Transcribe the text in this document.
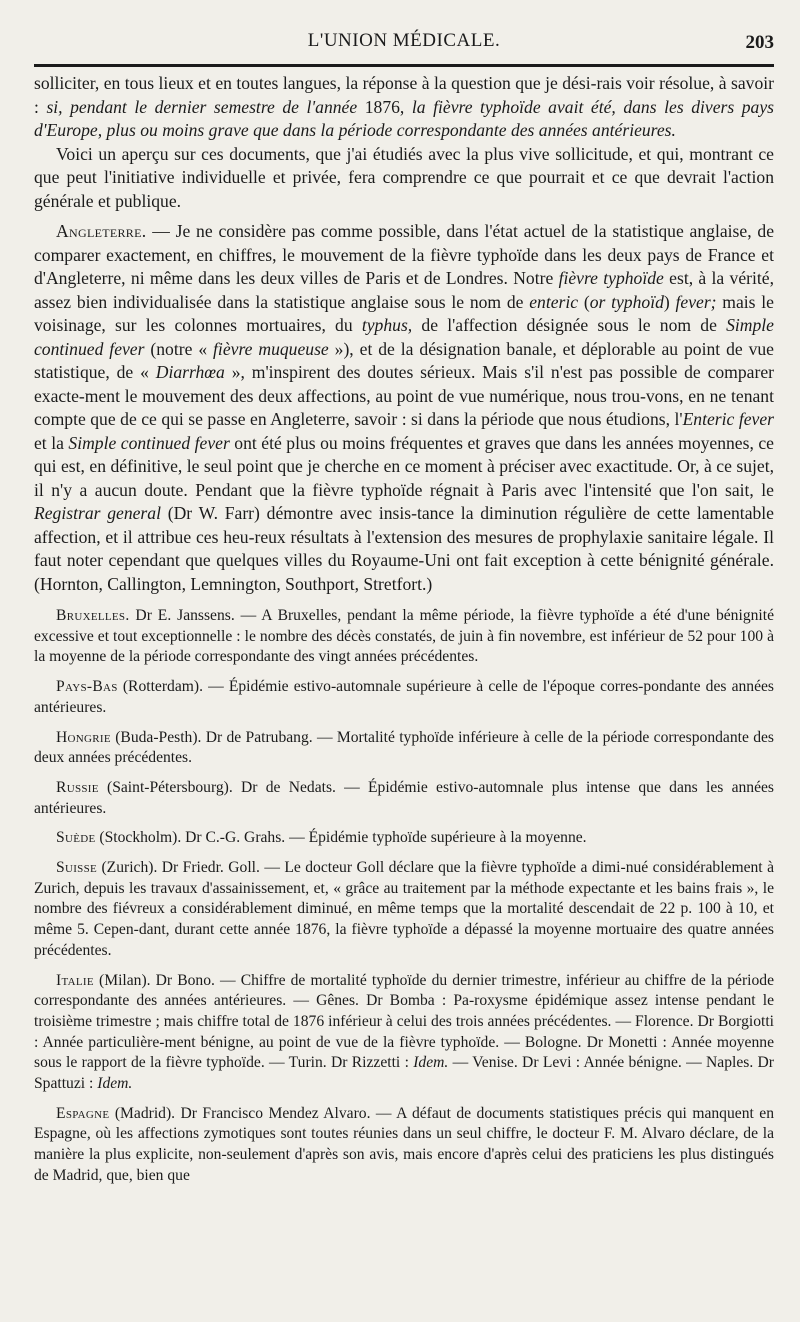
L'UNION MÉDICALE.	203

solliciter, en tous lieux et en toutes langues, la réponse à la question que je dési-rais voir résolue, à savoir : si, pendant le dernier semestre de l'année 1876, la fièvre typhoïde avait été, dans les divers pays d'Europe, plus ou moins grave que dans la période correspondante des années antérieures.

Voici un aperçu sur ces documents, que j'ai étudiés avec la plus vive sollicitude, et qui, montrant ce que peut l'initiative individuelle et privée, fera comprendre ce que pourrait et ce que devrait l'action générale et publique.

Angleterre. — Je ne considère pas comme possible, dans l'état actuel de la statistique anglaise, de comparer exactement, en chiffres, le mouvement de la fièvre typhoïde dans les deux pays de France et d'Angleterre, ni même dans les deux villes de Paris et de Londres. Notre fièvre typhoïde est, à la vérité, assez bien individualisée dans la statistique anglaise sous le nom de enteric (or typhoïd) fever; mais le voisinage, sur les colonnes mortuaires, du typhus, de l'affection désignée sous le nom de Simple continued fever (notre « fièvre muqueuse »), et de la désignation banale, et déplorable au point de vue statistique, de « Diarrhœa », m'inspirent des doutes sérieux. Mais s'il n'est pas possible de comparer exacte-ment le mouvement des deux affections, au point de vue numérique, nous trou-vons, en ne tenant compte que de ce qui se passe en Angleterre, savoir : si dans la période que nous étudions, l'Enteric fever et la Simple continued fever ont été plus ou moins fréquentes et graves que dans les années moyennes, ce qui est, en définitive, le seul point que je cherche en ce moment à préciser avec exactitude. Or, à ce sujet, il n'y a aucun doute. Pendant que la fièvre typhoïde régnait à Paris avec l'intensité que l'on sait, le Registrar general (Dr W. Farr) démontre avec insis-tance la diminution régulière de cette lamentable affection, et il attribue ces heu-reux résultats à l'extension des mesures de prophylaxie sanitaire légale. Il faut noter cependant que quelques villes du Royaume-Uni ont fait exception à cette bénignité générale. (Hornton, Callington, Lemnington, Southport, Stretfort.)

Bruxelles. Dr E. Janssens. — A Bruxelles, pendant la même période, la fièvre typhoïde a été d'une bénignité excessive et tout exceptionnelle : le nombre des décès constatés, de juin à fin novembre, est inférieur de 52 pour 100 à la moyenne de la période correspondante des vingt années précédentes.

Pays-Bas (Rotterdam). — Épidémie estivo-automnale supérieure à celle de l'époque corres-pondante des années antérieures.

Hongrie (Buda-Pesth). Dr de Patrubang. — Mortalité typhoïde inférieure à celle de la période correspondante des deux années précédentes.

Russie (Saint-Pétersbourg). Dr de Nedats. — Épidémie estivo-automnale plus intense que dans les années antérieures.

Suède (Stockholm). Dr C.-G. Grahs. — Épidémie typhoïde supérieure à la moyenne.

Suisse (Zurich). Dr Friedr. Goll. — Le docteur Goll déclare que la fièvre typhoïde a dimi-nué considérablement à Zurich, depuis les travaux d'assainissement, et, « grâce au traitement par la méthode expectante et les bains frais », le nombre des fiévreux a considérablement diminué, en même temps que la mortalité descendait de 22 p. 100 à 10, et même 5. Cepen-dant, durant cette année 1876, la fièvre typhoïde a dépassé la moyenne mortuaire des quatre années précédentes.

Italie (Milan). Dr Bono. — Chiffre de mortalité typhoïde du dernier trimestre, inférieur au chiffre de la période correspondante des années antérieures. — Gênes. Dr Bomba : Pa-roxysme épidémique assez intense pendant le troisième trimestre ; mais chiffre total de 1876 inférieur à celui des trois années précédentes. — Florence. Dr Borgiotti : Année particulière-ment bénigne, au point de vue de la fièvre typhoïde. — Bologne. Dr Monetti : Année moyenne sous le rapport de la fièvre typhoïde. — Turin. Dr Rizzetti : Idem. — Venise. Dr Levi : Année bénigne. — Naples. Dr Spattuzi : Idem.

Espagne (Madrid). Dr Francisco Mendez Alvaro. — A défaut de documents statistiques précis qui manquent en Espagne, où les affections zymotiques sont toutes réunies dans un seul chiffre, le docteur F. M. Alvaro déclare, de la manière la plus explicite, non-seulement d'après son avis, mais encore d'après celui des praticiens les plus distingués de Madrid, que, bien que
